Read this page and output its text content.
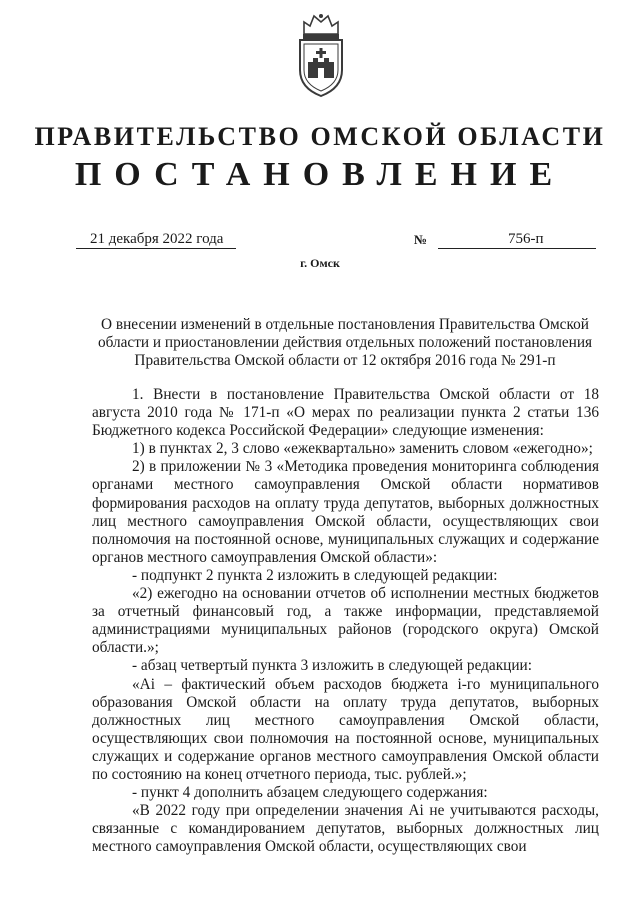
ПРАВИТЕЛЬСТВО ОМСКОЙ ОБЛАСТИ
ПОСТАНОВЛЕНИЕ
21 декабря 2022 года	№	756-п
г. Омск
О внесении изменений в отдельные постановления Правительства Омской
области и приостановлении действия отдельных положений постановления
Правительства Омской области от 12 октября 2016 года № 291-п

1. Внести в постановление Правительства Омской области от 18 августа 2010 года № 171-п «О мерах по реализации пункта 2 статьи 136 Бюджетного кодекса Российской Федерации» следующие изменения:

1) в пунктах 2, 3 слово «ежеквартально» заменить словом «ежегодно»;

2) в приложении № 3 «Методика проведения мониторинга соблюдения органами местного самоуправления Омской области нормативов формирования расходов на оплату труда депутатов, выборных должностных лиц местного самоуправления Омской области, осуществляющих свои полномочия на постоянной основе, муниципальных служащих и содержание органов местного самоуправления Омской области»:

- подпункт 2 пункта 2 изложить в следующей редакции:

«2) ежегодно на основании отчетов об исполнении местных бюджетов за отчетный финансовый год, а также информации, представляемой администрациями муниципальных районов (городского округа) Омской области.»;

- абзац четвертый пункта 3 изложить в следующей редакции:

«Аі – фактический объем расходов бюджета і-го муниципального образования Омской области на оплату труда депутатов, выборных должностных лиц местного самоуправления Омской области, осуществляющих свои полномочия на постоянной основе, муниципальных служащих и содержание органов местного самоуправления Омской области по состоянию на конец отчетного периода, тыс. рублей.»;

- пункт 4 дополнить абзацем следующего содержания:

«В 2022 году при определении значения Аі не учитываются расходы, связанные с командированием депутатов, выборных должностных лиц местного самоуправления Омской области, осуществляющих свои
